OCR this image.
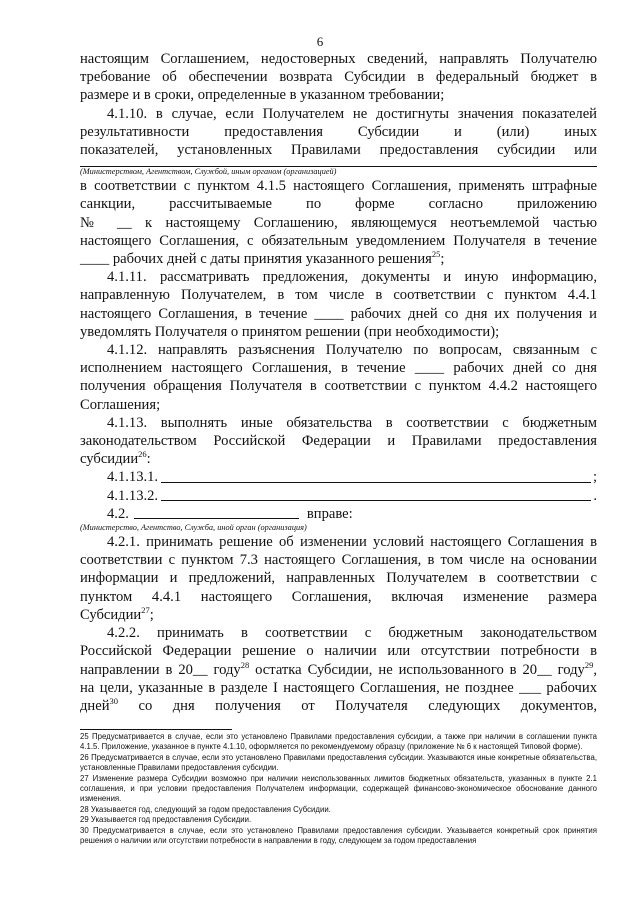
6

настоящим Соглашением, недостоверных сведений, направлять Получателю

требование об обеспечении возврата Субсидии в федеральный бюджет в

размере и в сроки, определенные в указанном требовании;

4.1.10. в случае, если Получателем не достигнуты значения показателей

результативности предоставления Субсидии и (или) иных

показателей, установленных Правилами предоставления субсидии или

(Министерством, Агентством, Службой, иным органом (организацией)

в соответствии с пунктом 4.1.5 настоящего Соглашения, применять штрафные

санкции, рассчитываемые по форме согласно приложению

№ __ к настоящему Соглашению, являющемуся неотъемлемой частью

настоящего Соглашения, с обязательным уведомлением Получателя в течение

____ рабочих дней с даты принятия указанного решения$^{25}$;

4.1.11. рассматривать предложения, документы и иную информацию,

направленную Получателем, в том числе в соответствии с пунктом 4.4.1

настоящего Соглашения, в течение ____ рабочих дней со дня их получения и

уведомлять Получателя о принятом решении (при необходимости);

4.1.12. направлять разъяснения Получателю по вопросам, связанным с

исполнением настоящего Соглашения, в течение ____ рабочих дней со дня

получения обращения Получателя в соответствии с пунктом 4.4.2 настоящего

Соглашения;

4.1.13. выполнять иные обязательства в соответствии с бюджетным

законодательством Российской Федерации и Правилами предоставления

субсидии$^{26}$:

4.1.13.1.	;
4.1.13.2.	.
4.2.	вправе:

(Министерство, Агентство, Служба, иной орган (организация)

4.2.1. принимать решение об изменении условий настоящего Соглашения в

соответствии с пунктом 7.3 настоящего Соглашения, в том числе на основании

информации и предложений, направленных Получателем в соответствии с

пунктом 4.4.1 настоящего Соглашения, включая изменение размера

Субсидии$^{27}$;

4.2.2. принимать в соответствии с бюджетным законодательством

Российской Федерации решение о наличии или отсутствии потребности в

направлении в 20__ году$^{28}$ остатка Субсидии, не использованного в 20__ году$^{29}$,

на цели, указанные в разделе I настоящего Соглашения, не позднее ___ рабочих

дней$^{30}$ со дня получения от Получателя следующих документов,

25 Предусматривается в случае, если это установлено Правилами предоставления субсидии, а также при наличии в соглашении пункта 4.1.5. Приложение, указанное в пункте 4.1.10, оформляется по рекомендуемому образцу (приложение № 6 к настоящей Типовой форме).

26 Предусматривается в случае, если это установлено Правилами предоставления субсидии. Указываются иные конкретные обязательства, установленные Правилами предоставления субсидии.

27 Изменение размера Субсидии возможно при наличии неиспользованных лимитов бюджетных обязательств, указанных в пункте 2.1 соглашения, и при условии предоставления Получателем информации, содержащей финансово-экономическое обоснование данного изменения.

28 Указывается год, следующий за годом предоставления Субсидии.

29 Указывается год предоставления Субсидии.

30 Предусматривается в случае, если это установлено Правилами предоставления субсидии. Указывается конкретный срок принятия решения о наличии или отсутствии потребности в направлении в году, следующем за годом предоставления
